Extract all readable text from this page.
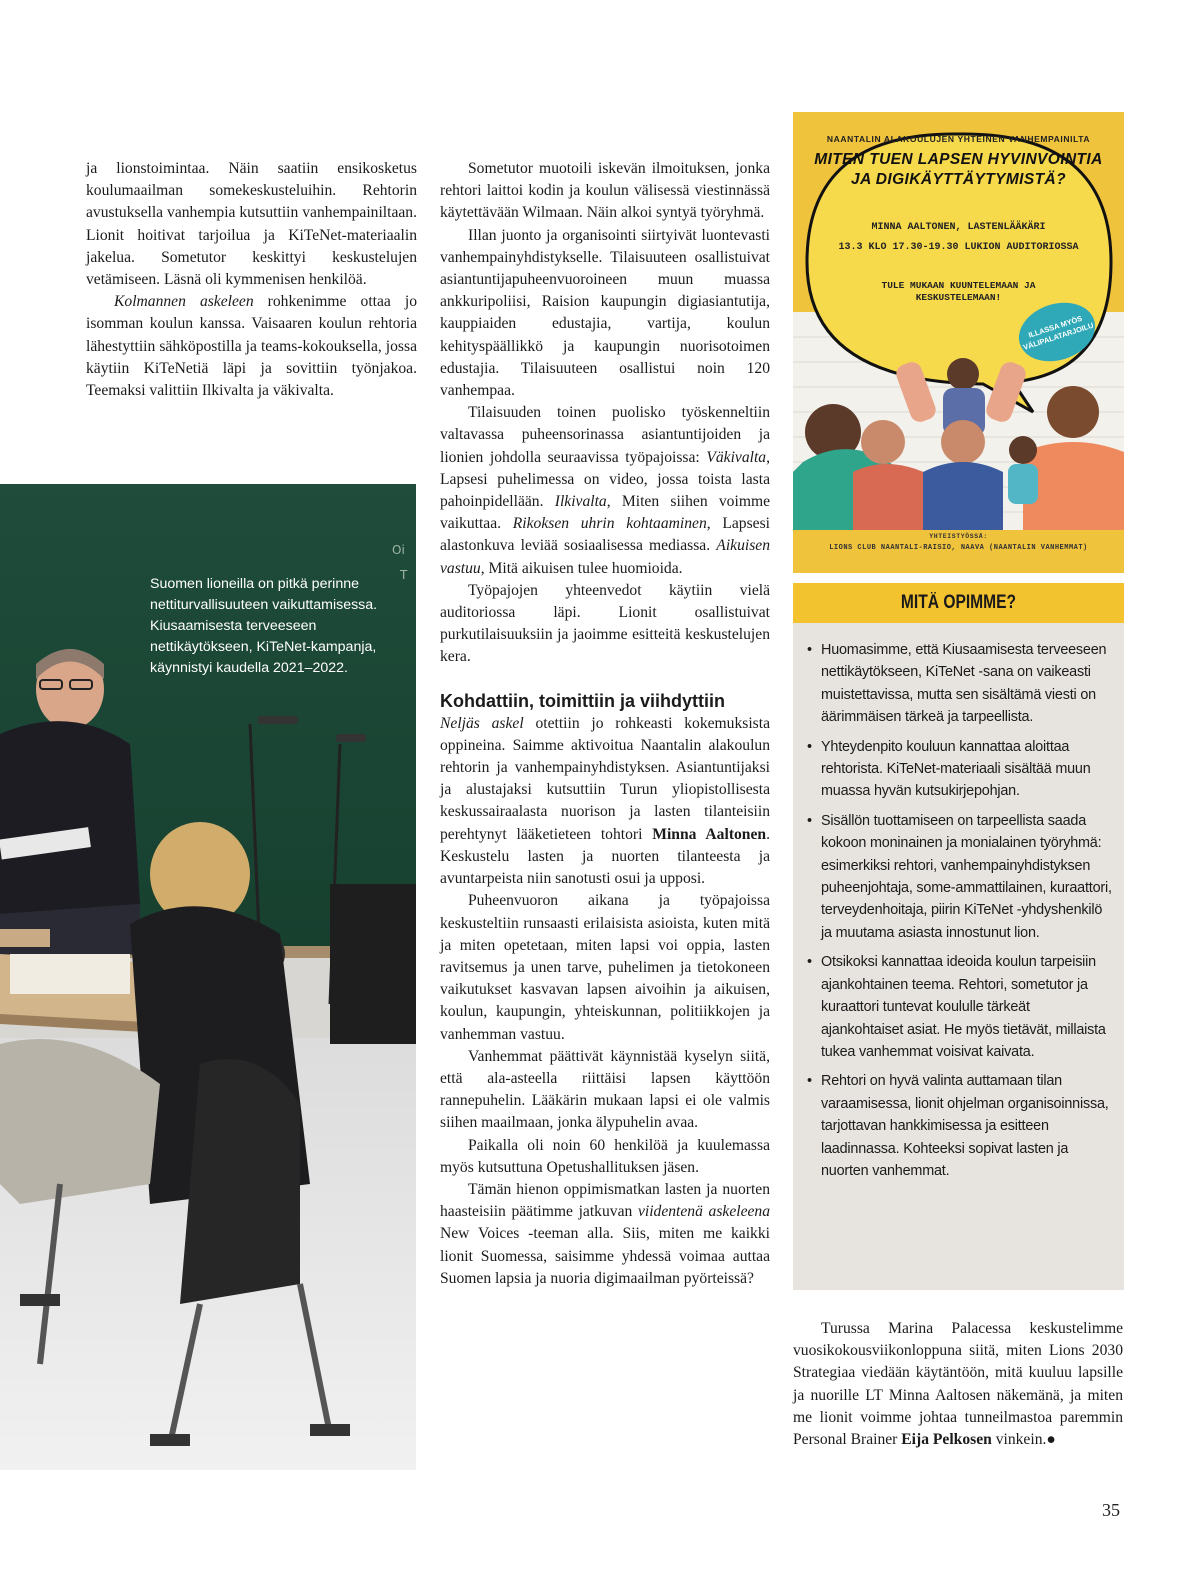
ja lionstoimintaa. Näin saatiin ensikosketus koulumaailman somekeskusteluihin. Rehtorin avustuksella vanhempia kutsuttiin vanhempainiltaan. Lionit hoitivat tarjoilua ja KiTeNet-materiaalin jakelua. Sometutor keskittyi keskustelujen vetämiseen. Läsnä oli kymmenisen henkilöä.

Kolmannen askeleen rohkenimme ottaa jo isomman koulun kanssa. Vaisaaren koulun rehtoria lähestyttiin sähköpostilla ja teams-kokouksella, jossa käytiin KiTeNetiä läpi ja sovittiin työnjakoa. Teemaksi valittiin Ilkivalta ja väkivalta.

Oi
T
Suomen lioneilla on pitkä perinne nettiturvallisuuteen vaikuttamisessa. Kiusaamisesta terveeseen nettikäytökseen, KiTeNet-kampanja, käynnistyi kaudella 2021–2022.

Sometutor muotoili iskevän ilmoituksen, jonka rehtori laittoi kodin ja koulun välisessä viestinnässä käytettävään Wilmaan. Näin alkoi syntyä työryhmä.

Illan juonto ja organisointi siirtyivät luontevasti vanhempainyhdistykselle. Tilaisuuteen osallistuivat asiantuntijapuheenvuoroineen muun muassa ankkuripoliisi, Raision kaupungin digiasiantutija, kauppiaiden edustajia, vartija, koulun kehityspäällikkö ja kaupungin nuorisotoimen edustajia. Tilaisuuteen osallistui noin 120 vanhempaa.

Tilaisuuden toinen puolisko työskenneltiin valtavassa puheensorinassa asiantuntijoiden ja lionien johdolla seuraavissa työpajoissa: Väkivalta, Lapsesi puhelimessa on video, jossa toista lasta pahoinpidellään. Ilkivalta, Miten siihen voimme vaikuttaa. Rikoksen uhrin kohtaaminen, Lapsesi alastonkuva leviää sosiaalisessa mediassa. Aikuisen vastuu, Mitä aikuisen tulee huomioida.

Työpajojen yhteenvedot käytiin vielä auditoriossa läpi. Lionit osallistuivat purkutilaisuuksiin ja jaoimme esitteitä keskustelujen kera.

Kohdattiin, toimittiin ja viihdyttiin

Neljäs askel otettiin jo rohkeasti kokemuksista oppineina. Saimme aktivoitua Naantalin alakoulun rehtorin ja vanhempainyhdistyksen. Asiantuntijaksi ja alustajaksi kutsuttiin Turun yliopistollisesta keskussairaalasta nuorison ja lasten tilanteisiin perehtynyt lääketieteen tohtori Minna Aaltonen. Keskustelu lasten ja nuorten tilanteesta ja avuntarpeista niin sanotusti osui ja upposi.

Puheenvuoron aikana ja työpajoissa keskusteltiin runsaasti erilaisista asioista, kuten mitä ja miten opetetaan, miten lapsi voi oppia, lasten ravitsemus ja unen tarve, puhelimen ja tietokoneen vaikutukset kasvavan lapsen aivoihin ja aikuisen, koulun, kaupungin, yhteiskunnan, politiikkojen ja vanhemman vastuu.

Vanhemmat päättivät käynnistää kyselyn siitä, että ala-asteella riittäisi lapsen käyttöön rannepuhelin. Lääkärin mukaan lapsi ei ole valmis siihen maailmaan, jonka älypuhelin avaa.

Paikalla oli noin 60 henkilöä ja kuulemassa myös kutsuttuna Opetushallituksen jäsen.

Tämän hienon oppimismatkan lasten ja nuorten haasteisiin päätimme jatkuvan viidentenä askeleena New Voices -teeman alla. Siis, miten me kaikki lionit Suomessa, saisimme yhdessä voimaa auttaa Suomen lapsia ja nuoria digimaailman pyörteissä?

NAANTALIN ALAKOULUJEN YHTEINEN VANHEMPAINILTA
MITEN TUEN LAPSEN HYVINVOINTIA JA DIGIKÄYTTÄYTYMISTÄ?
MINNA AALTONEN, LASTENLÄÄKÄRI
13.3 KLO 17.30-19.30 LUKION AUDITORIOSSA
TULE MUKAAN KUUNTELEMAAN JA KESKUSTELEMAAN!
ILLASSA MYÖS VÄLIPALATARJOILU
YHTEISTYÖSSÄ:
LIONS CLUB NAANTALI-RAISIO, NAAVA (NAANTALIN VANHEMMAT)
MITÄ OPIMME?
• Huomasimme, että Kiusaamisesta terveeseen nettikäytökseen, KiTeNet -sana on vaikeasti muistettavissa, mutta sen sisältämä viesti on äärimmäisen tärkeä ja tarpeellista.
• Yhteydenpito kouluun kannattaa aloittaa rehtorista. KiTeNet-materiaali sisältää muun muassa hyvän kutsukirjepohjan.
• Sisällön tuottamiseen on tarpeellista saada kokoon moninainen ja monialainen työryhmä: esimerkiksi rehtori, vanhempainyhdistyksen puheenjohtaja, some-ammattilainen, kuraattori, terveydenhoitaja, piirin KiTeNet -yhdyshenkilö ja muutama asiasta innostunut lion.
• Otsikoksi kannattaa ideoida koulun tarpeisiin ajankohtainen teema. Rehtori, sometutor ja kuraattori tuntevat koululle tärkeät ajankohtaiset asiat. He myös tietävät, millaista tukea vanhemmat voisivat kaivata.
• Rehtori on hyvä valinta auttamaan tilan varaamisessa, lionit ohjelman organisoinnissa, tarjottavan hankkimisessa ja esitteen laadinnassa. Kohteeksi sopivat lasten ja nuorten vanhemmat.

Turussa Marina Palacessa keskustelimme vuosikokousviikonloppuna siitä, miten Lions 2030 Strategiaa viedään käytäntöön, mitä kuuluu lapsille ja nuorille LT Minna Aaltosen näkemänä, ja miten me lionit voimme johtaa tunneilmastoa paremmin Personal Brainer Eija Pelkosen vinkein.●

35
